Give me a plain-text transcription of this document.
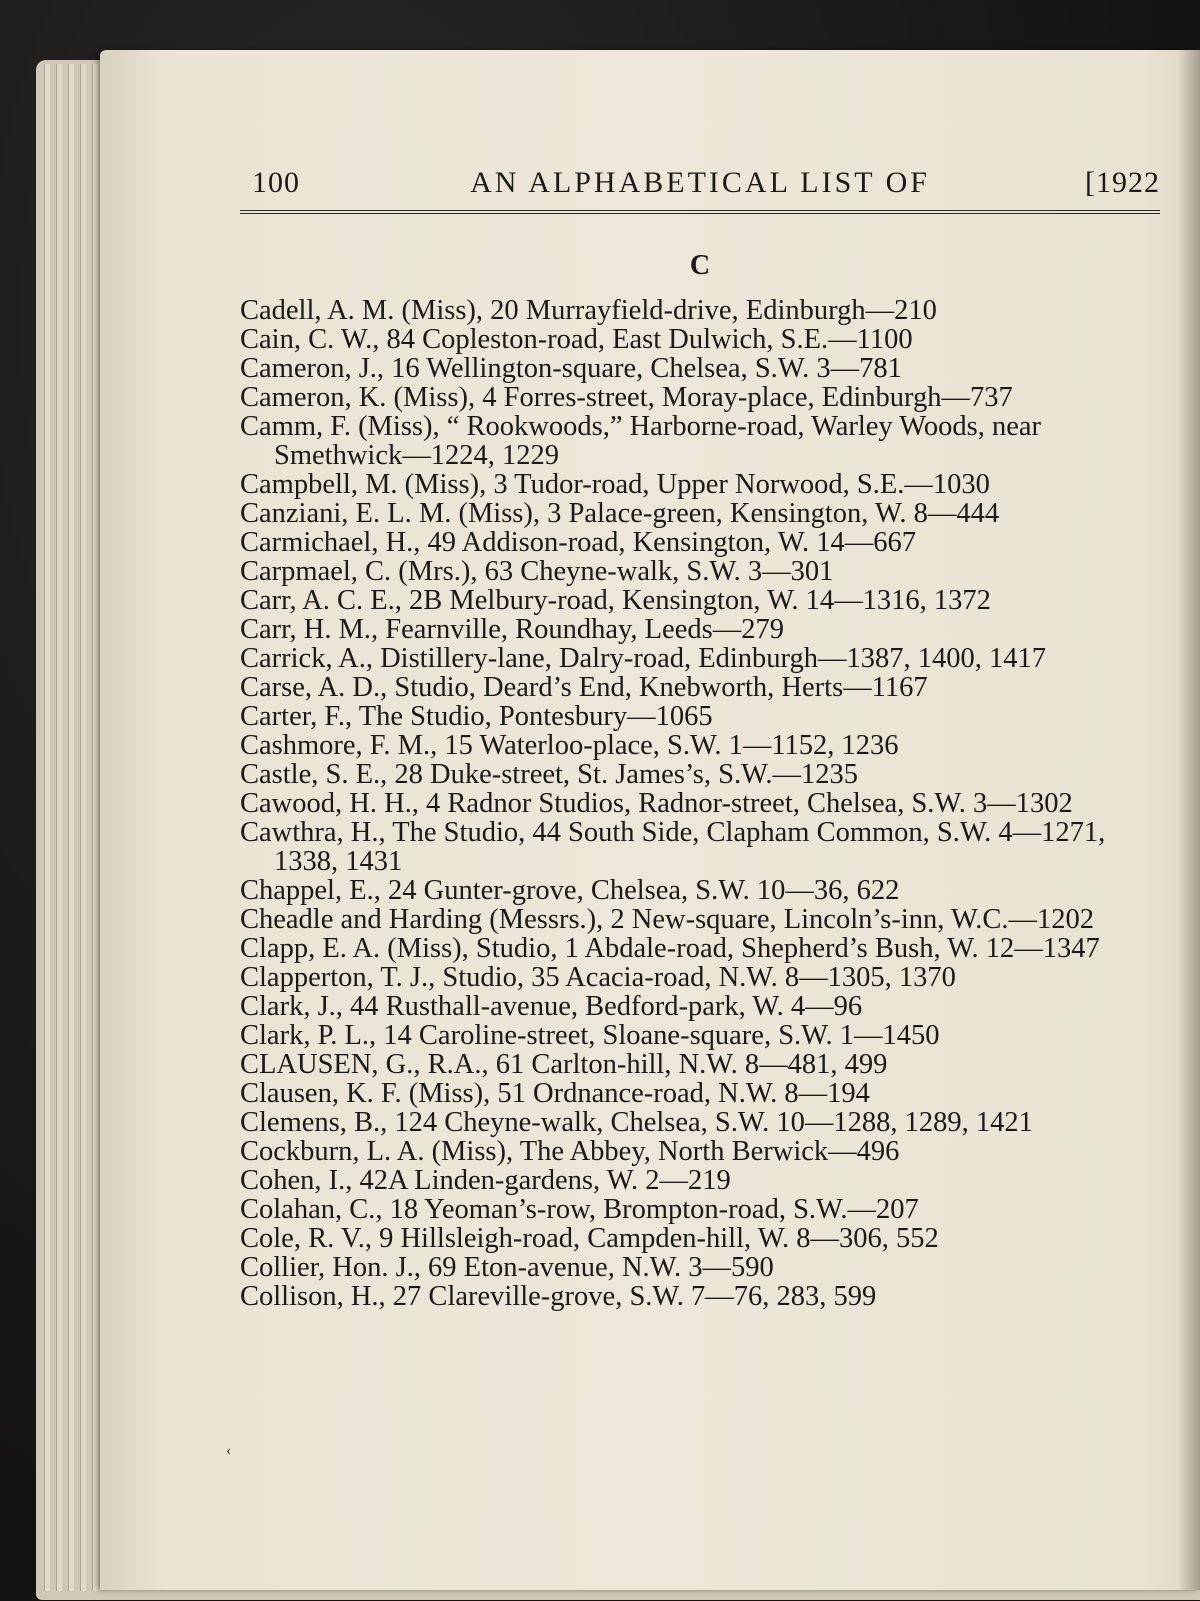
100	AN ALPHABETICAL LIST OF	[1922
C
Cadell, A. M. (Miss), 20 Murrayfield-drive, Edinburgh—210
Cain, C. W., 84 Copleston-road, East Dulwich, S.E.—1100
Cameron, J., 16 Wellington-square, Chelsea, S.W. 3—781
Cameron, K. (Miss), 4 Forres-street, Moray-place, Edinburgh—737
Camm, F. (Miss), “ Rookwoods,” Harborne-road, Warley Woods, near Smethwick—1224, 1229
Campbell, M. (Miss), 3 Tudor-road, Upper Norwood, S.E.—1030
Canziani, E. L. M. (Miss), 3 Palace-green, Kensington, W. 8—444
Carmichael, H., 49 Addison-road, Kensington, W. 14—667
Carpmael, C. (Mrs.), 63 Cheyne-walk, S.W. 3—301
Carr, A. C. E., 2B Melbury-road, Kensington, W. 14—1316, 1372
Carr, H. M., Fearnville, Roundhay, Leeds—279
Carrick, A., Distillery-lane, Dalry-road, Edinburgh—1387, 1400, 1417
Carse, A. D., Studio, Deard’s End, Knebworth, Herts—1167
Carter, F., The Studio, Pontesbury—1065
Cashmore, F. M., 15 Waterloo-place, S.W. 1—1152, 1236
Castle, S. E., 28 Duke-street, St. James’s, S.W.—1235
Cawood, H. H., 4 Radnor Studios, Radnor-street, Chelsea, S.W. 3—1302
Cawthra, H., The Studio, 44 South Side, Clapham Common, S.W. 4—1271, 1338, 1431
Chappel, E., 24 Gunter-grove, Chelsea, S.W. 10—36, 622
Cheadle and Harding (Messrs.), 2 New-square, Lincoln’s-inn, W.C.—1202
Clapp, E. A. (Miss), Studio, 1 Abdale-road, Shepherd’s Bush, W. 12—1347
Clapperton, T. J., Studio, 35 Acacia-road, N.W. 8—1305, 1370
Clark, J., 44 Rusthall-avenue, Bedford-park, W. 4—96
Clark, P. L., 14 Caroline-street, Sloane-square, S.W. 1—1450
CLAUSEN, G., R.A., 61 Carlton-hill, N.W. 8—481, 499
Clausen, K. F. (Miss), 51 Ordnance-road, N.W. 8—194
Clemens, B., 124 Cheyne-walk, Chelsea, S.W. 10—1288, 1289, 1421
Cockburn, L. A. (Miss), The Abbey, North Berwick—496
Cohen, I., 42A Linden-gardens, W. 2—219
Colahan, C., 18 Yeoman’s-row, Brompton-road, S.W.—207
Cole, R. V., 9 Hillsleigh-road, Campden-hill, W. 8—306, 552
Collier, Hon. J., 69 Eton-avenue, N.W. 3—590
Collison, H., 27 Clareville-grove, S.W. 7—76, 283, 599
‹
